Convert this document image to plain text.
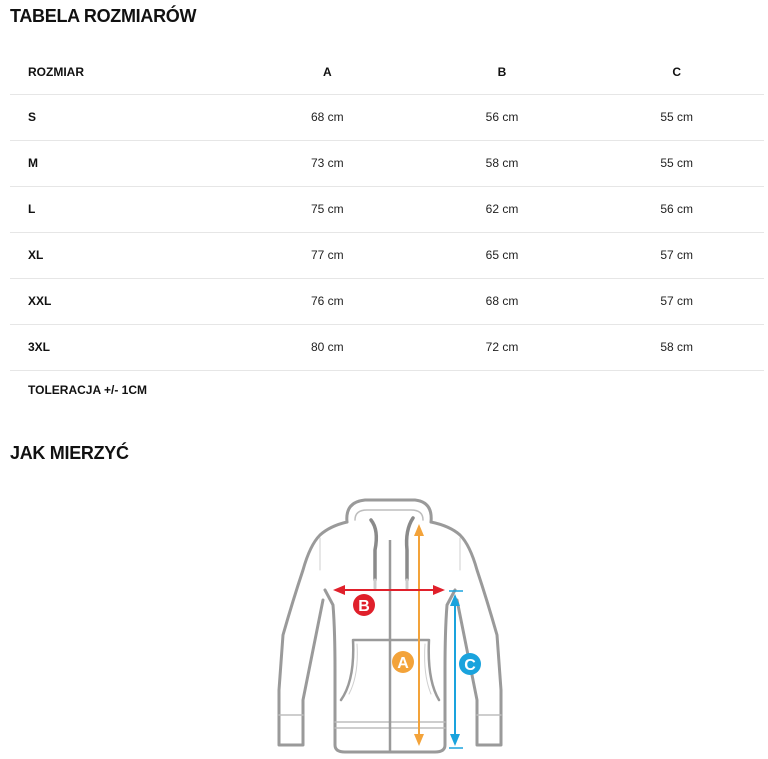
TABELA ROZMIARÓW
ROZMIAR	A	B	C
S	68 cm	56 cm	55 cm
M	73 cm	58 cm	55 cm
L	75 cm	62 cm	56 cm
XL	77 cm	65 cm	57 cm
XXL	76 cm	68 cm	57 cm
3XL	80 cm	72 cm	58 cm
TOLERACJA +/- 1CM			
JAK MIERZYĆ
A
B
C
